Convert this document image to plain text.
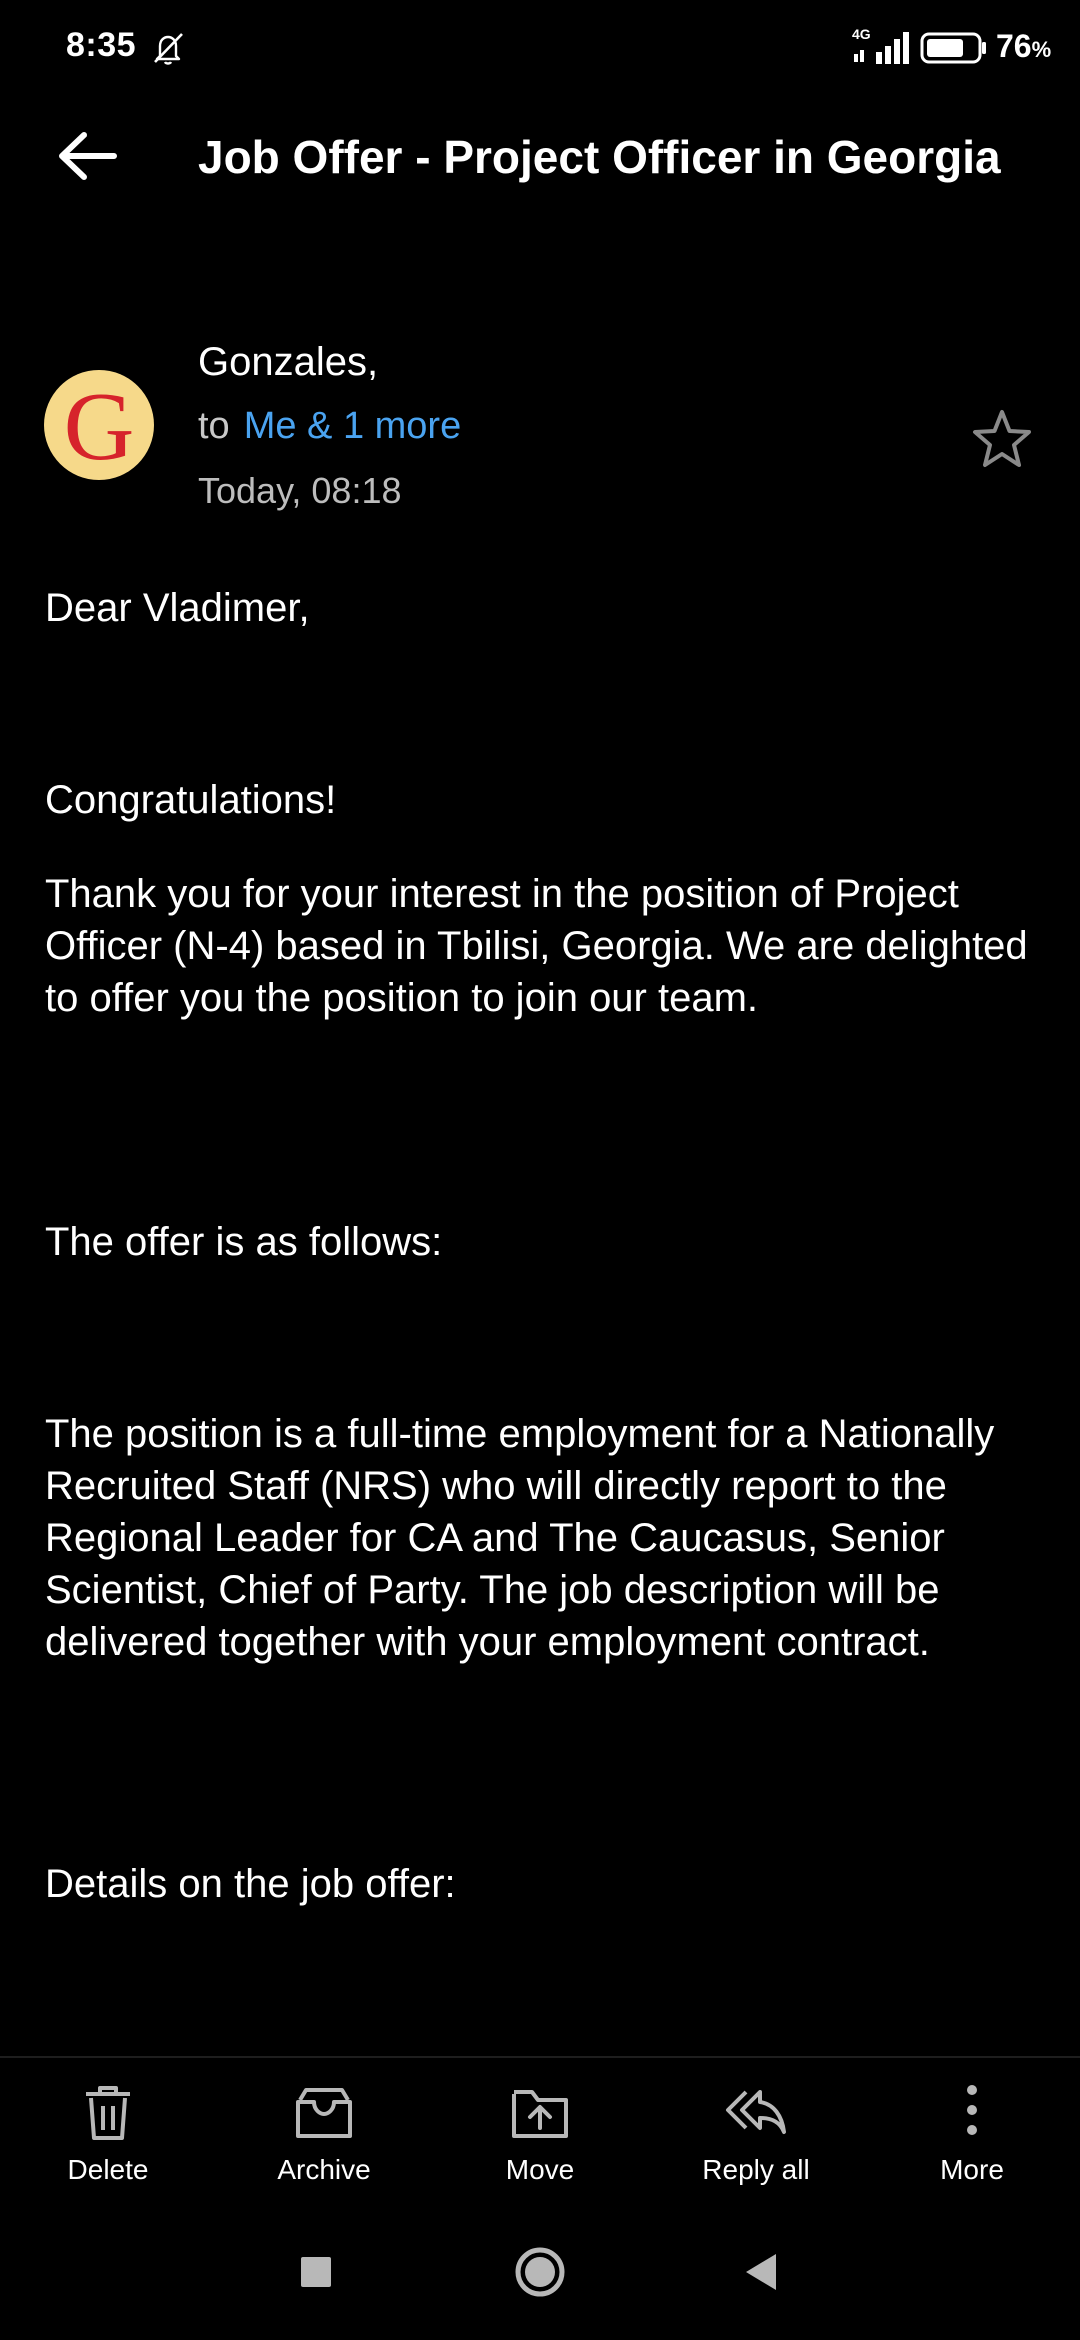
8:35	4G	76%
Job Offer - Project Officer in Georgia
G
Gonzales,
to Me & 1 more
Today, 08:18

Dear Vladimer,

Congratulations!

Thank you for your interest in the position of Project Officer (N-4) based in Tbilisi, Georgia. We are delighted to offer you the position to join our team.

The offer is as follows:

The position is a full-time employment for a Nationally Recruited Staff (NRS) who will directly report to the Regional Leader for CA and The Caucasus, Senior Scientist, Chief of Party. The job description will be delivered together with your employment contract.

Details on the job offer:

Delete	Archive	Move	Reply all	More
